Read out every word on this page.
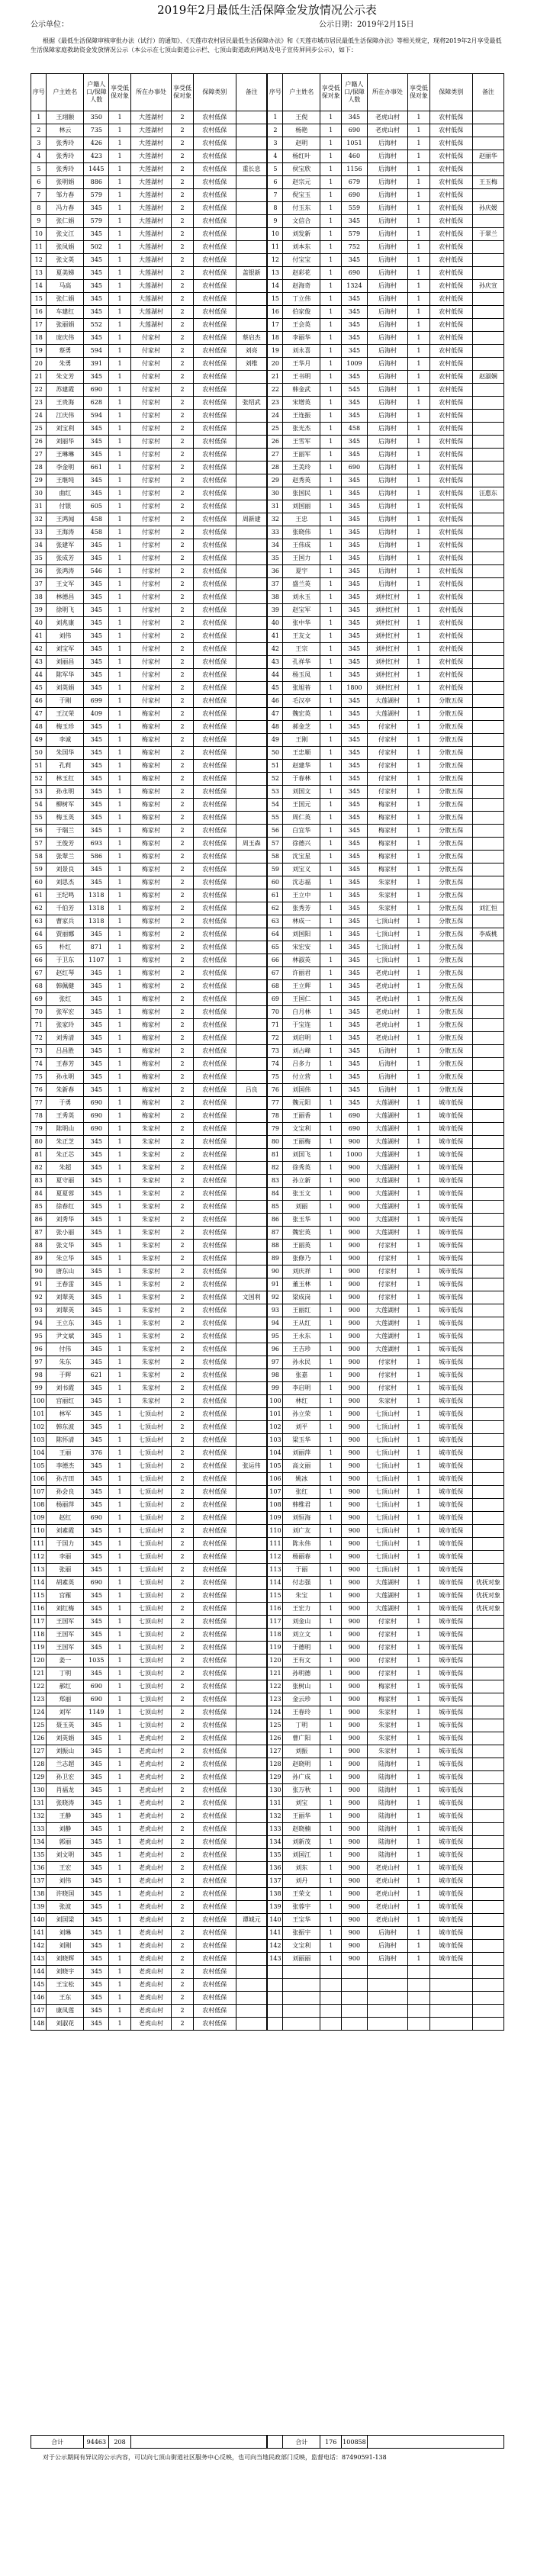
2019年2月最低生活保障金发放情况公示表
公示单位：	公示日期：2019年2月15日
根据《最低生活保障审核审批办法（试行）的通知》、《天莲市农村居民最低生活保障办法》和《天莲市城市居民最低生活保障办法》等相关规定，现将2019年2月享受最低生活保障家庭救助资金发放情况公示（本公示在七顶山街道公示栏、七顶山街道政府网站及电子宣传屏同步公示），如下：
序号	户主姓名	户籍人口/保障人数	享受低保对象	所在办事处	享受低保对象	保障类别	备注	序号	户主姓名	享受低保对象	户籍人口/保障人数	所在办事处	享受低保对象	保障类别	备注
1	王翊颐	350	1	大莲湖村	2	农村低保		1	王倪	1	345	老虎山村	1	农村低保	
2	林云	735	1	大莲湖村	2	农村低保		2	杨艳	1	690	老虎山村	1	农村低保	
3	张秀玲	426	1	大莲湖村	2	农村低保		3	赵明	1	1051	后海村	1	农村低保	
4	张秀玲	423	1	大莲湖村	2	农村低保		4	杨红叶	1	460	后海村	1	农村低保	赵丽华
5	张秀玲	1445	1	大莲湖村	2	农村低保	重长息	5	侯宝欣	1	1156	后海村	1	农村低保	
6	张明娟	886	1	大莲湖村	2	农村低保		6	赵宗元	1	679	后海村	1	农村低保	王玉梅
7	邹力春	579	1	大莲湖村	2	农村低保		7	倪宝玉	1	690	后海村	1	农村低保	
8	冯力春	345	1	大莲湖村	2	农村低保		8	付玉东	1	559	后海村	1	农村低保	孙庆媛
9	张仁娟	579	1	大莲湖村	2	农村低保		9	文信合	1	345	后海村	1	农村低保	
10	张文江	345	1	大莲湖村	2	农村低保		10	刘发新	1	579	后海村	1	农村低保	于翠兰
11	张凤娟	502	1	大莲湖村	2	农村低保		11	刘本东	1	752	后海村	1	农村低保	
12	张文英	345	1	大莲湖村	2	农村低保		12	付宝宝	1	345	后海村	1	农村低保	
13	夏美娣	345	1	大莲湖村	2	农村低保	盖银新	13	赵彩花	1	690	后海村	1	农村低保	
14	马高	345	1	大莲湖村	2	农村低保		14	赵海奇	1	1324	后海村	1	农村低保	孙庆宣
15	张仁娟	345	1	大莲湖村	2	农村低保		15	丁立伟	1	345	后海村	1	农村低保	
16	车建红	345	1	大莲湖村	2	农村低保		16	伯家俊	1	345	后海村	1	农村低保	
17	张丽娟	552	1	大莲湖村	2	农村低保		17	王会英	1	345	后海村	1	农村低保	
18	庞庆伟	345	1	付家村	2	农村低保	蔡启杰	18	李丽华	1	345	后海村	1	农村低保	
19	蔡勇	594	1	付家村	2	农村低保	刘亮	19	刘永喜	1	345	后海村	1	农村低保	
20	朱勇	391	1	付家村	2	农村低保	刘维	20	王华月	1	1009	后海村	1	农村低保	
21	朱文芳	345	1	付家村	2	农村低保		21	王书明	1	345	后海村	1	农村低保	赵淑娴
22	苏建霞	690	1	付家村	2	农村低保		22	韩金武	1	545	后海村	1	农村低保	
23	王贵海	628	1	付家村	2	农村低保	张绍武	23	宋增英	1	345	后海村	1	农村低保	
24	江庆伟	594	1	付家村	2	农村低保		24	王连振	1	345	后海村	1	农村低保	
25	刘宝利	345	1	付家村	2	农村低保		25	张光杰	1	458	后海村	1	农村低保	
26	刘丽华	345	1	付家村	2	农村低保		26	王雪军	1	345	后海村	1	农村低保	
27	王琳琳	345	1	付家村	2	农村低保		27	王丽军	1	345	后海村	1	农村低保	
28	李金明	661	1	付家村	2	农村低保		28	王美玲	1	690	后海村	1	农村低保	
29	王继纯	345	1	付家村	2	农村低保		29	赵秀英	1	345	后海村	1	农村低保	
30	曲红	345	1	付家村	2	农村低保		30	张国民	1	345	后海村	1	农村低保	汪惠东
31	付银	605	1	付家村	2	农村低保		31	刘国丽	1	345	后海村	1	农村低保	
32	王鸿闻	458	1	付家村	2	农村低保	周新建	32	王忠	1	345	后海村	1	农村低保	
33	王海涛	458	1	付家村	2	农村低保		33	张晓伟	1	345	后海村	1	农村低保	
34	张建军	345	1	付家村	2	农村低保		34	王伟成	1	345	后海村	1	农村低保	
35	张成芳	345	1	付家村	2	农村低保		35	王国力	1	345	后海村	1	农村低保	
36	张鸿涛	546	1	付家村	2	农村低保		36	夏宇	1	345	后海村	1	农村低保	
37	王文军	345	1	付家村	2	农村低保		37	盛兰英	1	345	后海村	1	农村低保	
38	林德昌	345	1	付家村	2	农村低保		38	刘永玉	1	345	刘村红村	1	农村低保	
39	徐明飞	345	1	付家村	2	农村低保		39	赵宝军	1	345	刘村红村	1	农村低保	
40	刘兆康	345	1	付家村	2	农村低保		40	张中华	1	345	刘村红村	1	农村低保	
41	刘伟	345	1	付家村	2	农村低保		41	王友文	1	345	刘村红村	1	农村低保	
42	刘宝军	345	1	付家村	2	农村低保		42	王宗	1	345	刘村红村	1	农村低保	
43	刘丽昌	345	1	付家村	2	农村低保		43	孔祥华	1	345	刘村红村	1	农村低保	
44	陈军华	345	1	付家村	2	农村低保		44	杨玉凤	1	345	刘村红村	1	农村低保	
45	刘英娟	345	1	付家村	2	农村低保		45	张旭苔	1	1800	刘村红村	1	农村低保	
46	于刚	699	1	付家村	2	农村低保		46	毛汉亭	1	345	大莲湖村	1	分散五保	
47	王汉荣	409	1	梅家村	2	农村低保		47	魏宏英	1	345	大莲湖村	1	分散五保	
48	梅玉珍	345	1	梅家村	2	农村低保		48	郝金芝	1	345	付家村	1	分散五保	
49	李诚	345	1	梅家村	2	农村低保		49	王刚	1	345	付家村	1	分散五保	
50	朱国华	345	1	梅家村	2	农村低保		50	王忠顺	1	345	付家村	1	分散五保	
51	孔莉	345	1	梅家村	2	农村低保		51	赵建华	1	345	付家村	1	分散五保	
52	林玉红	345	1	梅家村	2	农村低保		52	于春林	1	345	付家村	1	分散五保	
53	孙永明	345	1	梅家村	2	农村低保		53	刘国文	1	345	付家村	1	分散五保	
54	柳树军	345	1	梅家村	2	农村低保		54	王国元	1	345	梅家村	1	分散五保	
55	梅玉英	345	1	梅家村	2	农村低保		55	周仁英	1	345	梅家村	1	分散五保	
56	于瑞兰	345	1	梅家村	2	农村低保		56	白宜华	1	345	梅家村	1	分散五保	
57	王俊芳	693	1	梅家村	2	农村低保	周玉森	57	徐德兴	1	345	梅家村	1	分散五保	
58	张翠兰	586	1	梅家村	2	农村低保		58	沈宝星	1	345	梅家村	1	分散五保	
59	刘景良	345	1	梅家村	2	农村低保		59	刘宝义	1	345	梅家村	1	分散五保	
60	刘思杰	345	1	梅家村	2	农村低保		60	沈志福	1	345	朱家村	1	分散五保	
61	王纪鸣	1318	1	梅家村	2	农村低保		61	王立中	1	345	朱家村	1	分散五保	
62	千伯芳	1318	1	梅家村	2	农村低保		62	张秀芳	1	345	朱家村	1	分散五保	刘汇恒
63	曹家兵	1318	1	梅家村	2	农村低保		63	林成一	1	345	七顶山村	1	分散五保	
64	贾丽娜	345	1	梅家村	2	农村低保		64	刘国阳	1	345	七顶山村	1	分散五保	李威桃
65	朴红	871	1	梅家村	2	农村低保		65	宋宏安	1	345	七顶山村	1	分散五保	
66	于卫东	1107	1	梅家村	2	农村低保		66	林淑英	1	345	七顶山村	1	分散五保	
67	赵红琴	345	1	梅家村	2	农村低保		67	许丽君	1	345	老虎山村	1	分散五保	
68	韩佩健	345	1	梅家村	2	农村低保		68	王立辉	1	345	老虎山村	1	分散五保	
69	张红	345	1	梅家村	2	农村低保		69	王国仁	1	345	老虎山村	1	分散五保	
70	张军宏	345	1	梅家村	2	农村低保		70	白月林	1	345	老虎山村	1	分散五保	
71	张家玲	345	1	梅家村	2	农村低保		71	于宝连	1	345	老虎山村	1	分散五保	
72	刘秀清	345	1	梅家村	2	农村低保		72	刘启明	1	345	老虎山村	1	分散五保	
73	吕昌胜	345	1	梅家村	2	农村低保		73	刘占峰	1	345	后海村	1	分散五保	
74	王春芳	345	1	梅家村	2	农村低保		74	吕多力	1	345	后海村	1	分散五保	
75	孙永明	345	1	梅家村	2	农村低保		75	付立营	1	345	后海村	1	分散五保	
76	朱新春	345	1	梅家村	2	农村低保	吕良	76	刘国伟	1	345	后海村	1	分散五保	
77	于勇	690	1	梅家村	2	农村低保		77	魏元阳	1	345	大莲湖村	1	城市低保	
78	王秀英	690	1	梅家村	2	农村低保		78	王丽香	1	690	大莲湖村	1	城市低保	
79	陈明山	690	1	朱家村	2	农村低保		79	文宝利	1	690	大莲湖村	1	城市低保	
80	朱正芝	345	1	朱家村	2	农村低保		80	王丽梅	1	900	大莲湖村	1	城市低保	
81	朱正芯	345	1	朱家村	2	农村低保		81	刘国飞	1	1000	大莲湖村	1	城市低保	
82	朱超	345	1	朱家村	2	农村低保		82	徐秀英	1	900	大莲湖村	1	城市低保	
83	夏守丽	345	1	朱家村	2	农村低保		83	孙立新	1	900	大莲湖村	1	城市低保	
84	夏夏蓉	345	1	朱家村	2	农村低保		84	张玉文	1	900	大莲湖村	1	城市低保	
85	徐春红	345	1	朱家村	2	农村低保		85	刘丽	1	900	大莲湖村	1	城市低保	
86	刘秀华	345	1	朱家村	2	农村低保		86	张玉华	1	900	大莲湖村	1	城市低保	
87	张小丽	345	1	朱家村	2	农村低保		87	魏宏英	1	900	大莲湖村	1	城市低保	
88	张文华	345	1	朱家村	2	农村低保		88	王丽英	1	900	付家村	1	城市低保	
89	朱立华	345	1	朱家村	2	农村低保		89	张修乃	1	900	付家村	1	城市低保	
90	唐东山	345	1	朱家村	2	农村低保		90	刘庆祥	1	900	付家村	1	城市低保	
91	王春雷	345	1	朱家村	2	农村低保		91	董玉林	1	900	付家村	1	城市低保	
92	刘翠英	345	1	朱家村	2	农村低保	文国利	92	梁成岗	1	900	付家村	1	城市低保	
93	刘翠英	345	1	朱家村	2	农村低保		93	王丽红	1	900	大莲湖村	1	城市低保	
94	王立东	345	1	朱家村	2	农村低保		94	王从红	1	900	大莲湖村	1	城市低保	
95	尹文斌	345	1	朱家村	2	农村低保		95	王永东	1	900	大莲湖村	1	城市低保	
96	付伟	345	1	朱家村	2	农村低保		96	王吉珍	1	900	大莲湖村	1	城市低保	
97	朱东	345	1	朱家村	2	农村低保		97	孙永民	1	900	付家村	1	城市低保	
98	于辉	621	1	朱家村	2	农村低保		98	张嘉	1	900	付家村	1	城市低保	
99	刘书霞	345	1	朱家村	2	农村低保		99	李启明	1	900	付家村	1	城市低保	
100	宫丽红	345	1	朱家村	2	农村低保		100	林红	1	900	朱家村	1	城市低保	
101	林军	345	1	七顶山村	2	农村低保		101	孙立荣	1	900	七顶山村	1	城市低保	
102	韩东波	345	1	七顶山村	2	农村低保		102	刘平	1	900	七顶山村	1	城市低保	
103	陈怀清	345	1	七顶山村	2	农村低保		103	梁玉华	1	900	七顶山村	1	城市低保	
104	王丽	376	1	七顶山村	2	农村低保		104	刘丽萍	1	900	七顶山村	1	城市低保	
105	李德杰	345	1	七顶山村	2	农村低保	张运伟	105	高文丽	1	900	七顶山村	1	城市低保	
106	孙吉田	345	1	七顶山村	2	农村低保		106	姚冰	1	900	七顶山村	1	城市低保	
107	孙会良	345	1	七顶山村	2	农村低保		107	张红	1	900	七顶山村	1	城市低保	
108	杨丽萍	345	1	七顶山村	2	农村低保		108	韩维君	1	900	七顶山村	1	城市低保	
109	赵红	690	1	七顶山村	2	农村低保		109	刘恒海	1	900	七顶山村	1	城市低保	
110	刘素霞	345	1	七顶山村	2	农村低保		110	刘广友	1	900	七顶山村	1	城市低保	
111	于国力	345	1	七顶山村	2	农村低保		111	陈永伟	1	900	七顶山村	1	城市低保	
112	李丽	345	1	七顶山村	2	农村低保		112	杨丽春	1	900	七顶山村	1	城市低保	
113	张丽	345	1	七顶山村	2	农村低保		113	于丽	1	900	七顶山村	1	城市低保	
114	胡素英	690	1	七顶山村	2	农村低保		114	付志强	1	900	大莲湖村	1	城市低保	优抚对象
115	宫雁	345	1	七顶山村	2	农村低保		115	朱宝	1	900	大莲湖村	1	城市低保	优抚对象
116	刘红梅	345	1	七顶山村	2	农村低保		116	王宏力	1	900	大莲湖村	1	城市低保	优抚对象
117	王国军	345	1	七顶山村	2	农村低保		117	刘金山	1	900	付家村	1	城市低保	
118	王国军	345	1	七顶山村	2	农村低保		118	刘立文	1	900	付家村	1	城市低保	
119	王国军	345	1	七顶山村	2	农村低保		119	于德明	1	900	付家村	1	城市低保	
120	姜一	1035	1	七顶山村	2	农村低保		120	王有文	1	900	付家村	1	城市低保	
121	丁明	345	1	七顶山村	2	农村低保		121	孙明德	1	900	付家村	1	城市低保	
122	郝红	690	1	七顶山村	2	农村低保		122	张树山	1	900	梅家村	1	城市低保	
123	郑丽	690	1	七顶山村	2	农村低保		123	金云珍	1	900	梅家村	1	城市低保	
124	刘军	1149	1	七顶山村	2	农村低保		124	王春玲	1	900	朱家村	1	城市低保	
125	聂玉英	345	1	七顶山村	2	农村低保		125	丁明	1	900	朱家村	1	城市低保	
126	刘英娟	345	1	老虎山村	2	农村低保		126	曹广阳	1	900	朱家村	1	城市低保	
127	刘振山	345	1	老虎山村	2	农村低保		127	刘振	1	900	朱家村	1	城市低保	
128	兰志超	345	1	老虎山村	2	农村低保		128	赵晓明	1	900	陆海村	1	城市低保	
129	孙卫宏	345	1	老虎山村	2	农村低保		129	孙广成	1	900	陆海村	1	城市低保	
130	肖福龙	345	1	老虎山村	2	农村低保		130	张万秋	1	900	陆海村	1	城市低保	
131	张晓涛	345	1	老虎山村	2	农村低保		131	刘宝	1	900	陆海村	1	城市低保	
132	王静	345	1	老虎山村	2	农村低保		132	王丽华	1	900	陆海村	1	城市低保	
133	刘静	345	1	老虎山村	2	农村低保		133	赵晓楠	1	900	陆海村	1	城市低保	
134	郭丽	345	1	老虎山村	2	农村低保		134	刘新茂	1	900	陆海村	1	城市低保	
135	刘文明	345	1	老虎山村	2	农村低保		135	刘国江	1	900	陆海村	1	城市低保	
136	王宏	345	1	老虎山村	2	农村低保		136	刘东	1	900	老虎山村	1	城市低保	
137	刘伟	345	1	老虎山村	2	农村低保		137	刘丹	1	900	老虎山村	1	城市低保	
138	许晓国	345	1	老虎山村	2	农村低保		138	王荣文	1	900	老虎山村	1	城市低保	
139	张波	345	1	老虎山村	2	农村低保		139	张蓉宇	1	900	老虎山村	1	城市低保	
140	刘国梁	345	1	老虎山村	2	农村低保	谭城元	140	王宝华	1	900	老虎山村	1	城市低保	
141	刘琳	345	1	老虎山村	2	农村低保		141	张振宇	1	900	后海村	1	城市低保	
142	刘刚	345	1	老虎山村	2	农村低保		142	文宝利	1	900	后海村	1	城市低保	
143	刘晓辉	345	1	老虎山村	2	农村低保		143	刘丽丽	1	900	后海村	1	城市低保	
144	刘晓宇	345	1	老虎山村	2	农村低保									
145	王宝松	345	1	老虎山村	2	农村低保									
146	王东	345	1	老虎山村	2	农村低保									
147	康凤莲	345	1	老虎山村	2	农村低保									
148	刘淑花	345	1	老虎山村	2	农村低保									
合计	94463	208			合计	176	100858	
对于公示期间有异议的公示内容，可以向七顶山街道社区服务中心反映，也可向当地民政部门反映，监督电话：87490591-138
